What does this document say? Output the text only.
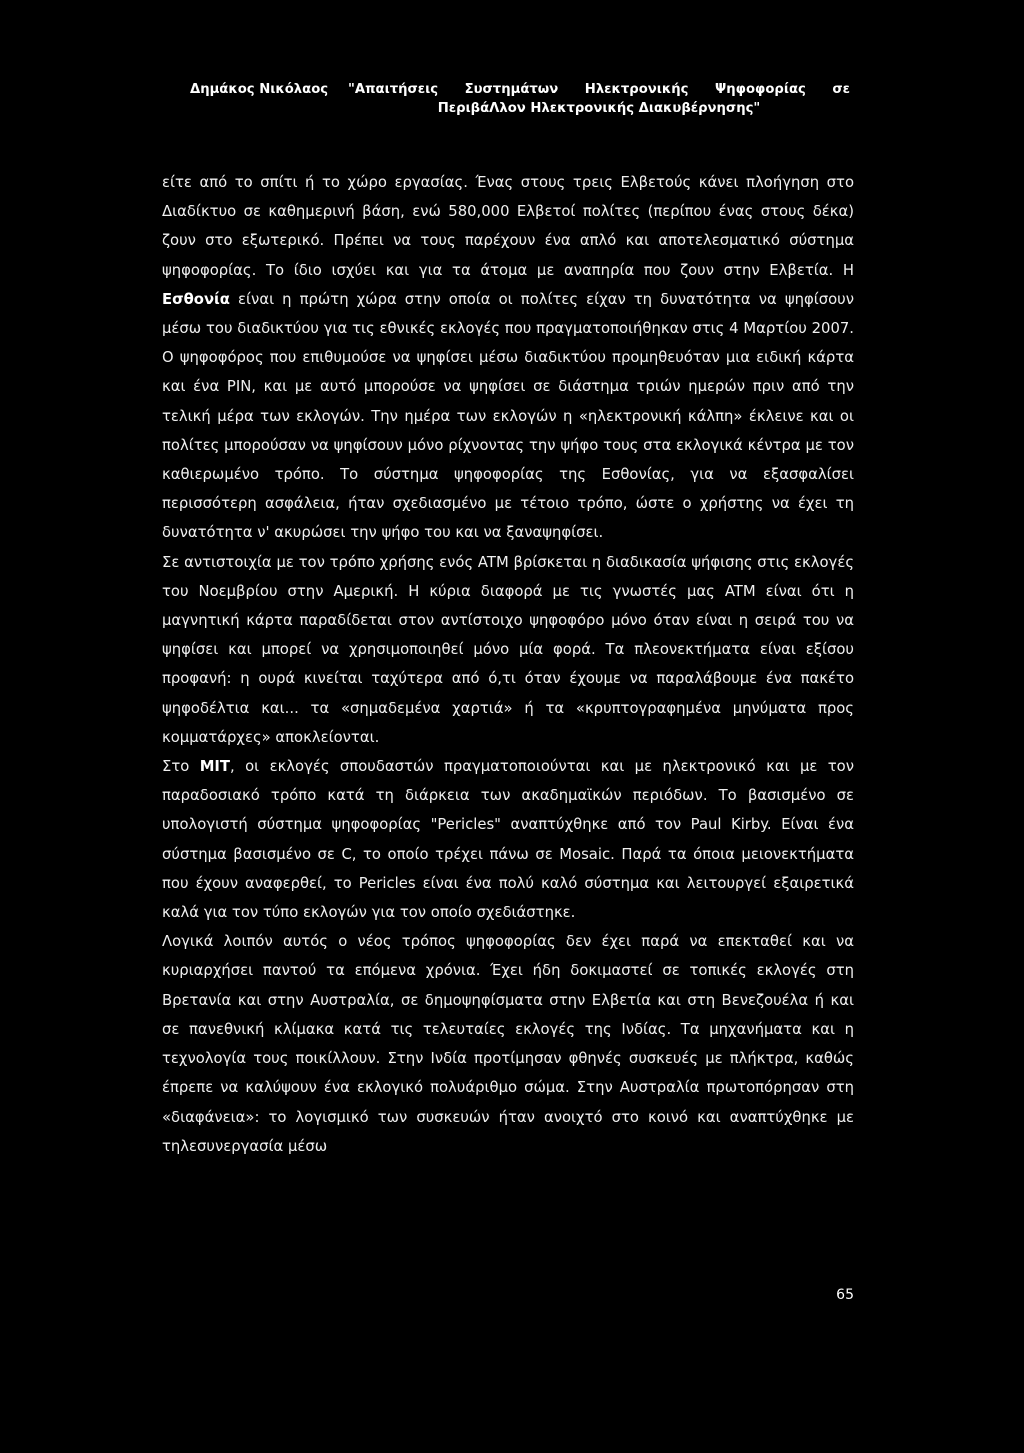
Δημάκος Νικόλαος "Απαιτήσεις Συστημάτων Ηλεκτρονικής Ψηφοφορίας σε ΠεριβάΛλον Ηλεκτρονικής Διακυβέρνησης"

είτε από το σπίτι ή το χώρο εργασίας. Ένας στους τρεις Ελβετούς κάνει πλοήγηση στο Διαδίκτυο σε καθημερινή βάση, ενώ 580,000 Ελβετοί πολίτες (περίπου ένας στους δέκα) ζουν στο εξωτερικό. Πρέπει να τους παρέχουν ένα απλό και αποτελεσματικό σύστημα ψηφοφορίας. Το ίδιο ισχύει και για τα άτομα με αναπηρία που ζουν στην Ελβετία. Η Εσθονία είναι η πρώτη χώρα στην οποία οι πολίτες είχαν τη δυνατότητα να ψηφίσουν μέσω του διαδικτύου για τις εθνικές εκλογές που πραγματοποιήθηκαν στις 4 Μαρτίου 2007. Ο ψηφοφόρος που επιθυμούσε να ψηφίσει μέσω διαδικτύου προμηθευόταν μια ειδική κάρτα και ένα PIN, και με αυτό μπορούσε να ψηφίσει σε διάστημα τριών ημερών πριν από την τελική μέρα των εκλογών. Την ημέρα των εκλογών η «ηλεκτρονική κάλπη» έκλεινε και οι πολίτες μπορούσαν να ψηφίσουν μόνο ρίχνοντας την ψήφο τους στα εκλογικά κέντρα με τον καθιερωμένο τρόπο. Το σύστημα ψηφοφορίας της Εσθονίας, για να εξασφαλίσει περισσότερη ασφάλεια, ήταν σχεδιασμένο με τέτοιο τρόπο, ώστε ο χρήστης να έχει τη δυνατότητα ν' ακυρώσει την ψήφο του και να ξαναψηφίσει.

Σε αντιστοιχία με τον τρόπο χρήσης ενός ATM βρίσκεται η διαδικασία ψήφισης στις εκλογές του Νοεμβρίου στην Αμερική. Η κύρια διαφορά με τις γνωστές μας ATM είναι ότι η μαγνητική κάρτα παραδίδεται στον αντίστοιχο ψηφοφόρο μόνο όταν είναι η σειρά του να ψηφίσει και μπορεί να χρησιμοποιηθεί μόνο μία φορά. Τα πλεονεκτήματα είναι εξίσου προφανή: η ουρά κινείται ταχύτερα από ό,τι όταν έχουμε να παραλάβουμε ένα πακέτο ψηφοδέλτια και... τα «σημαδεμένα χαρτιά» ή τα «κρυπτογραφημένα μηνύματα προς κομματάρχες» αποκλείονται.

Στο MIT, οι εκλογές σπουδαστών πραγματοποιούνται και με ηλεκτρονικό και με τον παραδοσιακό τρόπο κατά τη διάρκεια των ακαδημαϊκών περιόδων. Το βασισμένο σε υπολογιστή σύστημα ψηφοφορίας "Pericles" αναπτύχθηκε από τον Paul Kirby. Είναι ένα σύστημα βασισμένο σε C, το οποίο τρέχει πάνω σε Mosaic. Παρά τα όποια μειονεκτήματα που έχουν αναφερθεί, το Pericles είναι ένα πολύ καλό σύστημα και λειτουργεί εξαιρετικά καλά για τον τύπο εκλογών για τον οποίο σχεδιάστηκε.

Λογικά λοιπόν αυτός ο νέος τρόπος ψηφοφορίας δεν έχει παρά να επεκταθεί και να κυριαρχήσει παντού τα επόμενα χρόνια. Έχει ήδη δοκιμαστεί σε τοπικές εκλογές στη Βρετανία και στην Αυστραλία, σε δημοψηφίσματα στην Ελβετία και στη Βενεζουέλα ή και σε πανεθνική κλίμακα κατά τις τελευταίες εκλογές της Ινδίας. Τα μηχανήματα και η τεχνολογία τους ποικίλλουν. Στην Ινδία προτίμησαν φθηνές συσκευές με πλήκτρα, καθώς έπρεπε να καλύψουν ένα εκλογικό πολυάριθμο σώμα. Στην Αυστραλία πρωτοπόρησαν στη «διαφάνεια»: το λογισμικό των συσκευών ήταν ανοιχτό στο κοινό και αναπτύχθηκε με τηλεσυνεργασία μέσω

65
